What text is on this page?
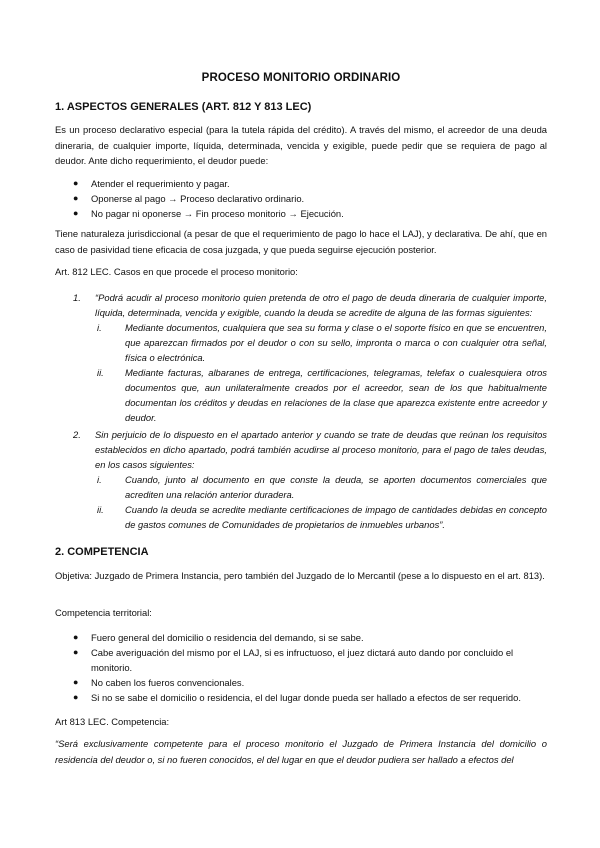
PROCESO MONITORIO ORDINARIO
1. ASPECTOS GENERALES (ART. 812 Y 813 LEC)
Es un proceso declarativo especial (para la tutela rápida del crédito). A través del mismo, el acreedor de una deuda dineraria, de cualquier importe, líquida, determinada, vencida y exigible, puede pedir que se requiera de pago al deudor. Ante dicho requerimiento, el deudor puede:
● Atender el requerimiento y pagar.
● Oponerse al pago → Proceso declarativo ordinario.
● No pagar ni oponerse → Fin proceso monitorio → Ejecución.
Tiene naturaleza jurisdiccional (a pesar de que el requerimiento de pago lo hace el LAJ), y declarativa. De ahí, que en caso de pasividad tiene eficacia de cosa juzgada, y que pueda seguirse ejecución posterior.
Art. 812 LEC. Casos en que procede el proceso monitorio:
1. “Podrá acudir al proceso monitorio quien pretenda de otro el pago de deuda dineraria de cualquier importe, líquida, determinada, vencida y exigible, cuando la deuda se acredite de alguna de las formas siguientes:
i. Mediante documentos, cualquiera que sea su forma y clase o el soporte físico en que se encuentren, que aparezcan firmados por el deudor o con su sello, impronta o marca o con cualquier otra señal, física o electrónica.
ii. Mediante facturas, albaranes de entrega, certificaciones, telegramas, telefax o cualesquiera otros documentos que, aun unilateralmente creados por el acreedor, sean de los que habitualmente documentan los créditos y deudas en relaciones de la clase que aparezca existente entre acreedor y deudor.
2. Sin perjuicio de lo dispuesto en el apartado anterior y cuando se trate de deudas que reúnan los requisitos establecidos en dicho apartado, podrá también acudirse al proceso monitorio, para el pago de tales deudas, en los casos siguientes:
i. Cuando, junto al documento en que conste la deuda, se aporten documentos comerciales que acrediten una relación anterior duradera.
ii. Cuando la deuda se acredite mediante certificaciones de impago de cantidades debidas en concepto de gastos comunes de Comunidades de propietarios de inmuebles urbanos”.
2. COMPETENCIA
Objetiva: Juzgado de Primera Instancia, pero también del Juzgado de lo Mercantil (pese a lo dispuesto en el art. 813).
Competencia territorial:
● Fuero general del domicilio o residencia del demando, si se sabe.
● Cabe averiguación del mismo por el LAJ, si es infructuoso, el juez dictará auto dando por concluido el monitorio.
● No caben los fueros convencionales.
● Si no se sabe el domicilio o residencia, el del lugar donde pueda ser hallado a efectos de ser requerido.
Art 813 LEC. Competencia:
“Será exclusivamente competente para el proceso monitorio el Juzgado de Primera Instancia del domicilio o residencia del deudor o, si no fueren conocidos, el del lugar en que el deudor pudiera ser hallado a efectos del
